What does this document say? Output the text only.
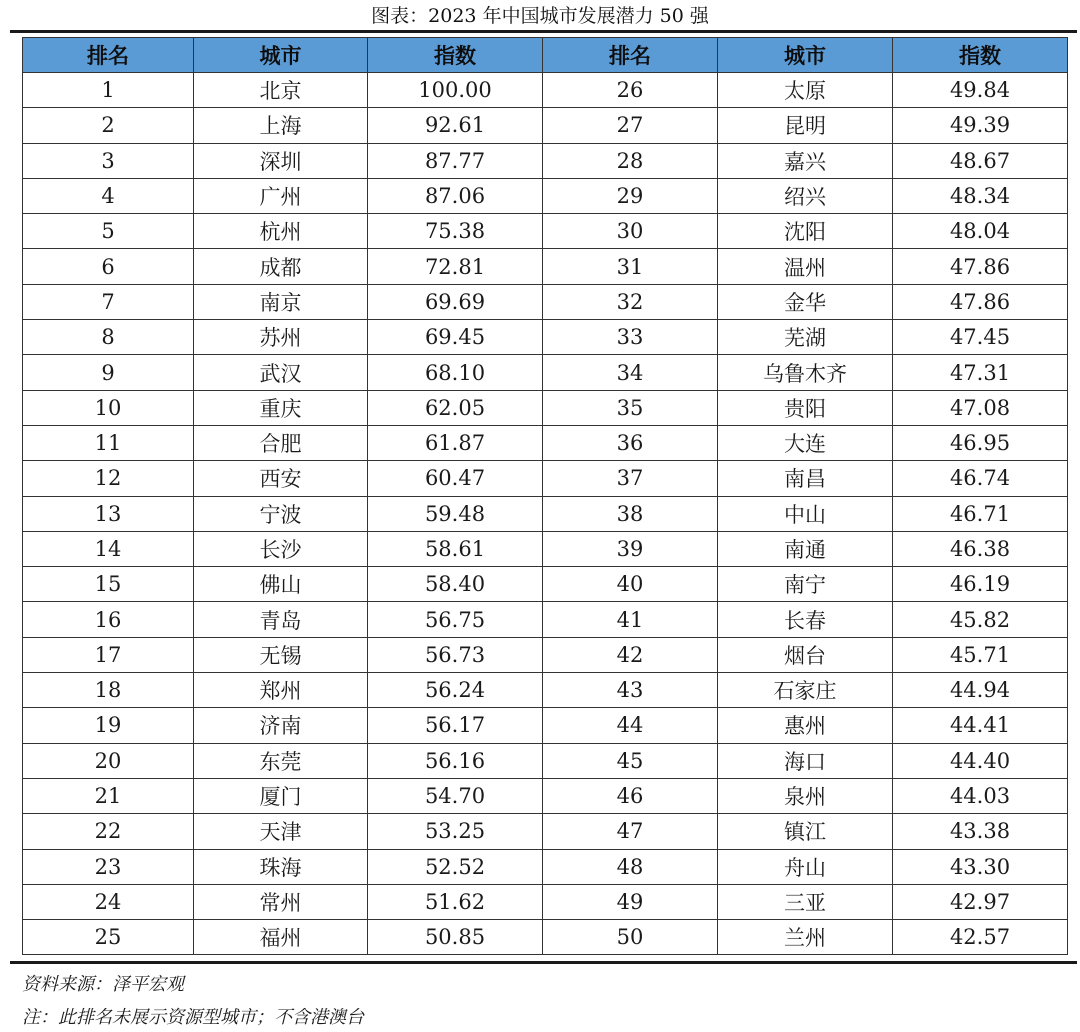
图表：2023 年中国城市发展潜力 50 强
排名	城市	指数	排名	城市	指数
1	北京	100.00	26	太原	49.84
2	上海	92.61	27	昆明	49.39
3	深圳	87.77	28	嘉兴	48.67
4	广州	87.06	29	绍兴	48.34
5	杭州	75.38	30	沈阳	48.04
6	成都	72.81	31	温州	47.86
7	南京	69.69	32	金华	47.86
8	苏州	69.45	33	芜湖	47.45
9	武汉	68.10	34	乌鲁木齐	47.31
10	重庆	62.05	35	贵阳	47.08
11	合肥	61.87	36	大连	46.95
12	西安	60.47	37	南昌	46.74
13	宁波	59.48	38	中山	46.71
14	长沙	58.61	39	南通	46.38
15	佛山	58.40	40	南宁	46.19
16	青岛	56.75	41	长春	45.82
17	无锡	56.73	42	烟台	45.71
18	郑州	56.24	43	石家庄	44.94
19	济南	56.17	44	惠州	44.41
20	东莞	56.16	45	海口	44.40
21	厦门	54.70	46	泉州	44.03
22	天津	53.25	47	镇江	43.38
23	珠海	52.52	48	舟山	43.30
24	常州	51.62	49	三亚	42.97
25	福州	50.85	50	兰州	42.57
资料来源：泽平宏观
注：此排名未展示资源型城市；不含港澳台
